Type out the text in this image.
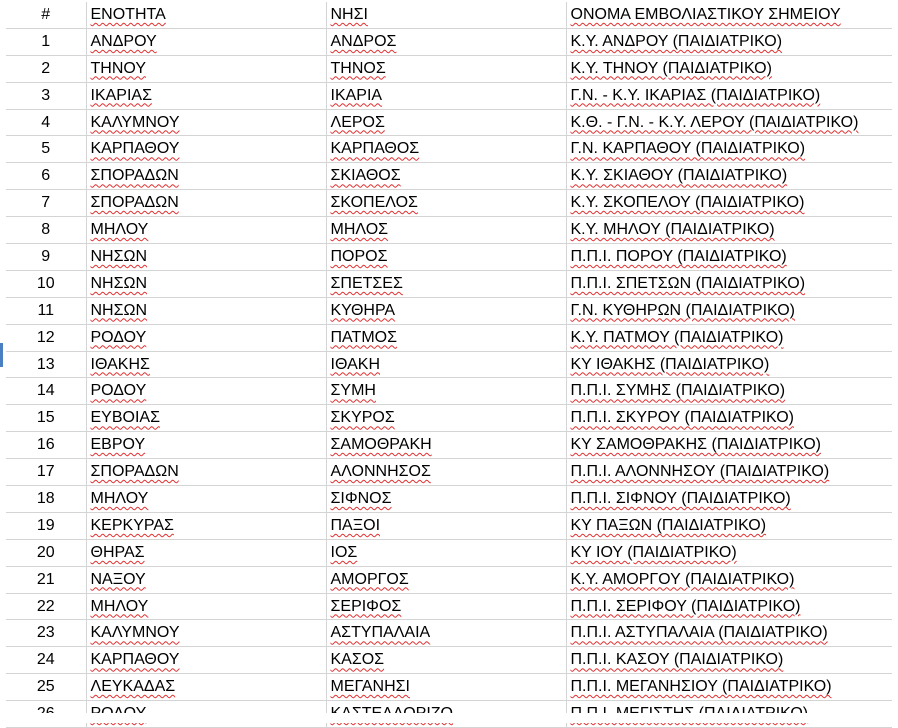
#	ΕΝΟΤΗΤΑ	ΝΗΣΙ	ΟΝΟΜΑ ΕΜΒΟΛΙΑΣΤΙΚΟΥ ΣΗΜΕΙΟΥ
1	ΑΝΔΡΟΥ	ΑΝΔΡΟΣ	Κ.Υ. ΑΝΔΡΟΥ (ΠΑΙΔΙΑΤΡΙΚΟ)
2	ΤΗΝΟΥ	ΤΗΝΟΣ	Κ.Υ. ΤΗΝΟΥ (ΠΑΙΔΙΑΤΡΙΚΟ)
3	ΙΚΑΡΙΑΣ	ΙΚΑΡΙΑ	Γ.Ν. - Κ.Υ. ΙΚΑΡΙΑΣ (ΠΑΙΔΙΑΤΡΙΚΟ)
4	ΚΑΛΥΜΝΟΥ	ΛΕΡΟΣ	Κ.Θ. - Γ.Ν. - Κ.Υ. ΛΕΡΟΥ (ΠΑΙΔΙΑΤΡΙΚΟ)
5	ΚΑΡΠΑΘΟΥ	ΚΑΡΠΑΘΟΣ	Γ.Ν. ΚΑΡΠΑΘΟΥ (ΠΑΙΔΙΑΤΡΙΚΟ)
6	ΣΠΟΡΑΔΩΝ	ΣΚΙΑΘΟΣ	Κ.Υ. ΣΚΙΑΘΟΥ (ΠΑΙΔΙΑΤΡΙΚΟ)
7	ΣΠΟΡΑΔΩΝ	ΣΚΟΠΕΛΟΣ	Κ.Υ. ΣΚΟΠΕΛΟΥ (ΠΑΙΔΙΑΤΡΙΚΟ)
8	ΜΗΛΟΥ	ΜΗΛΟΣ	Κ.Υ. ΜΗΛΟΥ (ΠΑΙΔΙΑΤΡΙΚΟ)
9	ΝΗΣΩΝ	ΠΟΡΟΣ	Π.Π.Ι. ΠΟΡΟΥ (ΠΑΙΔΙΑΤΡΙΚΟ)
10	ΝΗΣΩΝ	ΣΠΕΤΣΕΣ	Π.Π.Ι. ΣΠΕΤΣΩΝ (ΠΑΙΔΙΑΤΡΙΚΟ)
11	ΝΗΣΩΝ	ΚΥΘΗΡΑ	Γ.Ν. ΚΥΘΗΡΩΝ (ΠΑΙΔΙΑΤΡΙΚΟ)
12	ΡΟΔΟΥ	ΠΑΤΜΟΣ	Κ.Υ. ΠΑΤΜΟΥ (ΠΑΙΔΙΑΤΡΙΚΟ)
13	ΙΘΑΚΗΣ	ΙΘΑΚΗ	ΚΥ ΙΘΑΚΗΣ (ΠΑΙΔΙΑΤΡΙΚΟ)
14	ΡΟΔΟΥ	ΣΥΜΗ	Π.Π.Ι. ΣΥΜΗΣ (ΠΑΙΔΙΑΤΡΙΚΟ)
15	ΕΥΒΟΙΑΣ	ΣΚΥΡΟΣ	Π.Π.Ι. ΣΚΥΡΟΥ (ΠΑΙΔΙΑΤΡΙΚΟ)
16	ΕΒΡΟΥ	ΣΑΜΟΘΡΑΚΗ	ΚΥ ΣΑΜΟΘΡΑΚΗΣ (ΠΑΙΔΙΑΤΡΙΚΟ)
17	ΣΠΟΡΑΔΩΝ	ΑΛΟΝΝΗΣΟΣ	Π.Π.Ι. ΑΛΟΝΝΗΣΟΥ (ΠΑΙΔΙΑΤΡΙΚΟ)
18	ΜΗΛΟΥ	ΣΙΦΝΟΣ	Π.Π.Ι. ΣΙΦΝΟΥ (ΠΑΙΔΙΑΤΡΙΚΟ)
19	ΚΕΡΚΥΡΑΣ	ΠΑΞΟΙ	ΚΥ ΠΑΞΩΝ (ΠΑΙΔΙΑΤΡΙΚΟ)
20	ΘΗΡΑΣ	ΙΟΣ	ΚΥ ΙΟΥ (ΠΑΙΔΙΑΤΡΙΚΟ)
21	ΝΑΞΟΥ	ΑΜΟΡΓΟΣ	Κ.Υ. ΑΜΟΡΓΟΥ (ΠΑΙΔΙΑΤΡΙΚΟ)
22	ΜΗΛΟΥ	ΣΕΡΙΦΟΣ	Π.Π.Ι. ΣΕΡΙΦΟΥ (ΠΑΙΔΙΑΤΡΙΚΟ)
23	ΚΑΛΥΜΝΟΥ	ΑΣΤΥΠΑΛΑΙΑ	Π.Π.Ι. ΑΣΤΥΠΑΛΑΙΑ (ΠΑΙΔΙΑΤΡΙΚΟ)
24	ΚΑΡΠΑΘΟΥ	ΚΑΣΟΣ	Π.Π.Ι. ΚΑΣΟΥ (ΠΑΙΔΙΑΤΡΙΚΟ)
25	ΛΕΥΚΑΔΑΣ	ΜΕΓΑΝΗΣΙ	Π.Π.Ι. ΜΕΓΑΝΗΣΙΟΥ (ΠΑΙΔΙΑΤΡΙΚΟ)
